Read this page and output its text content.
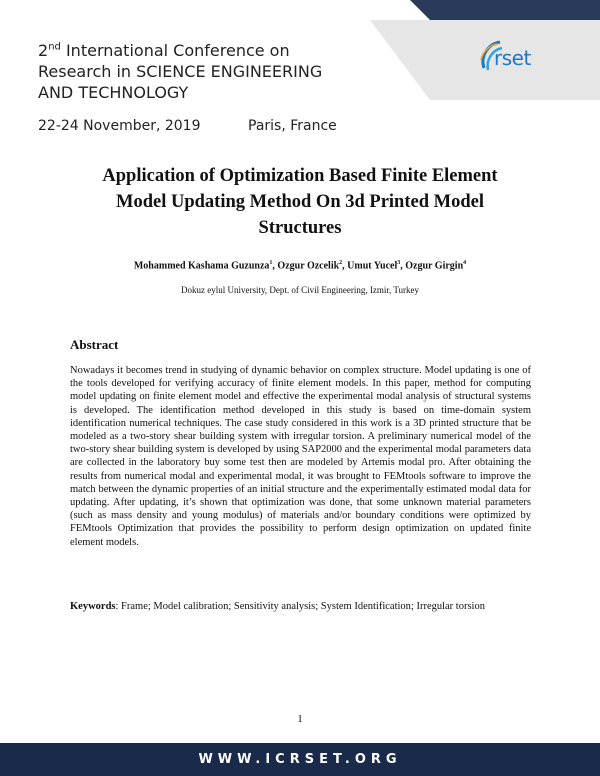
rset
2nd International Conference on
Research in SCIENCE ENGINEERING
AND TECHNOLOGY
22-24 November, 2019	Paris, France
Application of Optimization Based Finite Element
Model Updating Method On 3d Printed Model
Structures
Mohammed Kashama Guzunza$^1$, Ozgur Ozcelik$^2$, Umut Yucel$^3$, Ozgur Girgin$^4$
Dokuz eylul University, Dept. of Civil Engineering, Izmir, Turkey
Abstract
Nowadays it becomes trend in studying of dynamic behavior on complex structure. Model updating is one of the tools developed for verifying accuracy of finite element models. In this paper, method for computing model updating on finite element model and effective the experimental modal analysis of structural systems is developed. The identification method developed in this study is based on time-domain system identification numerical techniques. The case study considered in this work is a 3D printed structure that be modeled as a two-story shear building system with irregular torsion. A preliminary numerical model of the two-story shear building system is developed by using SAP2000 and the experimental modal parameters data are collected in the laboratory buy some test then are modeled by Artemis modal pro. After obtaining the results from numerical modal and experimental modal, it was brought to FEMtools software to improve the match between the dynamic properties of an initial structure and the experimentally estimated modal data for updating. After updating, it’s shown that optimization was done, that some unknown material parameters (such as mass density and young modulus) of materials and/or boundary conditions were optimized by FEMtools Optimization that provides the possibility to perform design optimization on updated finite element models.
Keywords: Frame; Model calibration; Sensitivity analysis; System Identification; Irregular torsion
1
WWW.ICRSET.ORG
